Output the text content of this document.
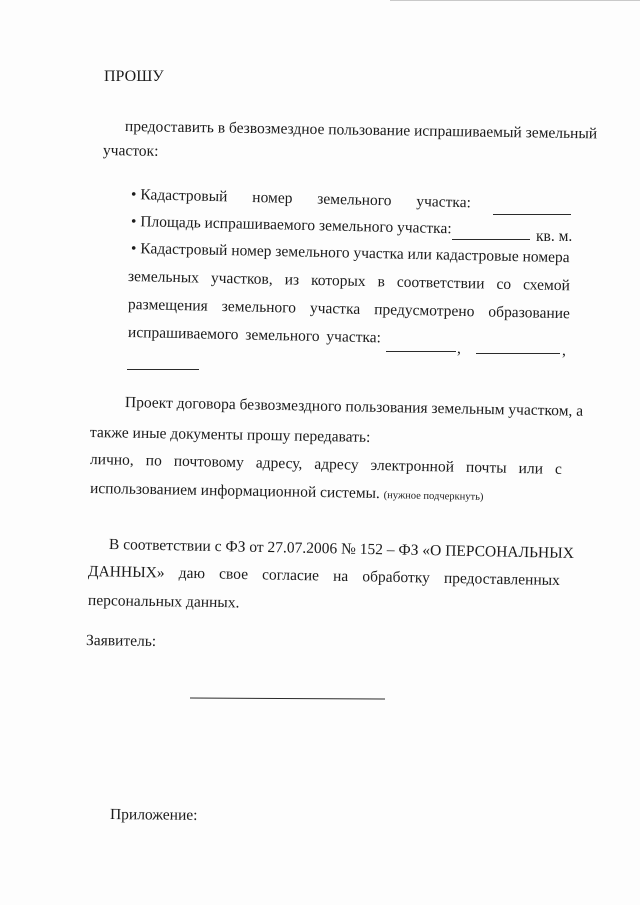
ПРОШУ
предоставить в безвозмездное пользование испрашиваемый земельный
участок:
• Кадастровый номер земельного участка:
• Площадь испрашиваемого земельного участка:	кв. м.
• Кадастровый номер земельного участка или кадастровые номера
земельных участков, из которых в соответствии со схемой
размещения земельного участка предусмотрено образование
испрашиваемого земельного участка:
,	,
Проект договора безвозмездного пользования земельным участком, а
также иные документы прошу передавать:
лично, по почтовому адресу, адресу электронной почты или с
использованием информационной системы. (нужное подчеркнуть)
В соответствии с ФЗ от 27.07.2006 № 152 – ФЗ «О ПЕРСОНАЛЬНЫХ
ДАННЫХ» даю свое согласие на обработку предоставленных
персональных данных.
Заявитель:
Приложение:
